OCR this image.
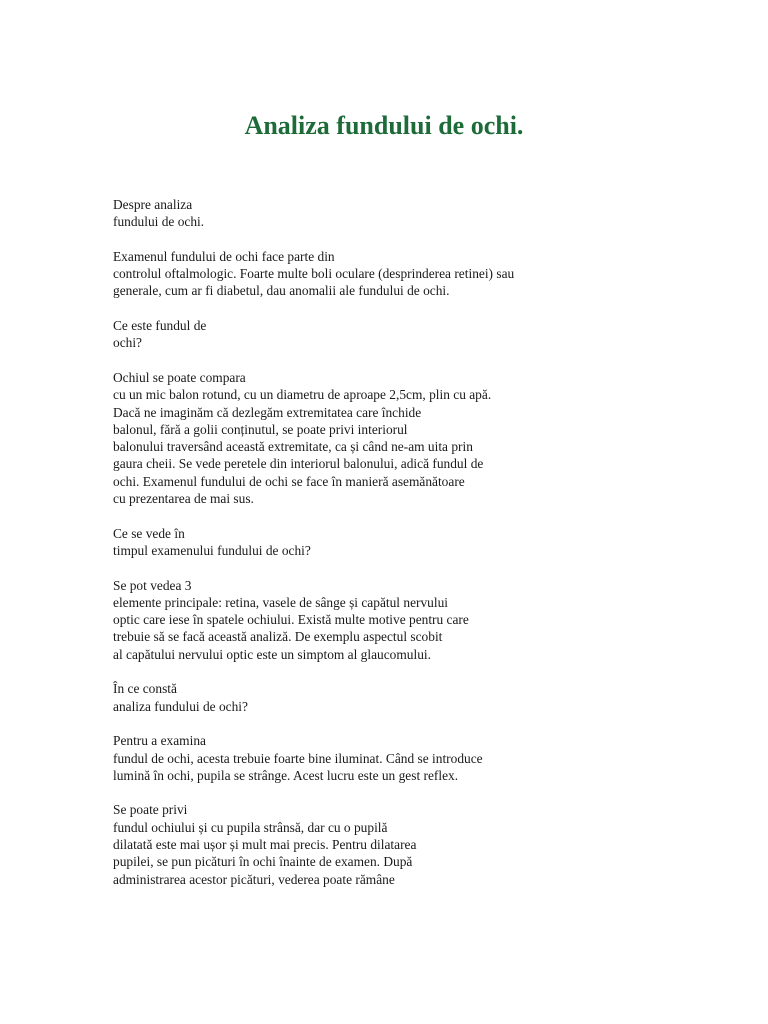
Analiza fundului de ochi.

Despre analiza
fundului de ochi.

Examenul fundului de ochi face parte din
controlul oftalmologic. Foarte multe boli oculare (desprinderea retinei) sau
generale, cum ar fi diabetul, dau anomalii ale fundului de ochi.

Ce este fundul de
ochi?

Ochiul se poate compara
cu un mic balon rotund, cu un diametru de aproape 2,5cm, plin cu apă.
Dacă ne imaginăm că dezlegăm extremitatea care închide
balonul, fără a golii conținutul, se poate privi interiorul
balonului traversând această extremitate, ca și când ne-am uita prin
gaura cheii. Se vede peretele din interiorul balonului, adică fundul de
ochi. Examenul fundului de ochi se face în manieră asemănătoare
cu prezentarea de mai sus.

Ce se vede în
timpul examenului fundului de ochi?

Se pot vedea 3
elemente principale: retina, vasele de sânge și capătul nervului
optic care iese în spatele ochiului. Există multe motive pentru care
trebuie să se facă această analiză. De exemplu aspectul scobit
al capătului nervului optic este un simptom al glaucomului.

În ce constă
analiza fundului de ochi?

Pentru a examina
fundul de ochi, acesta trebuie foarte bine iluminat. Când se introduce
lumină în ochi, pupila se strânge. Acest lucru este un gest reflex.

Se poate privi
fundul ochiului și cu pupila strânsă, dar cu o pupilă
dilatată este mai ușor și mult mai precis. Pentru dilatarea
pupilei, se pun picături în ochi înainte de examen. După
administrarea acestor picături, vederea poate rămâne
